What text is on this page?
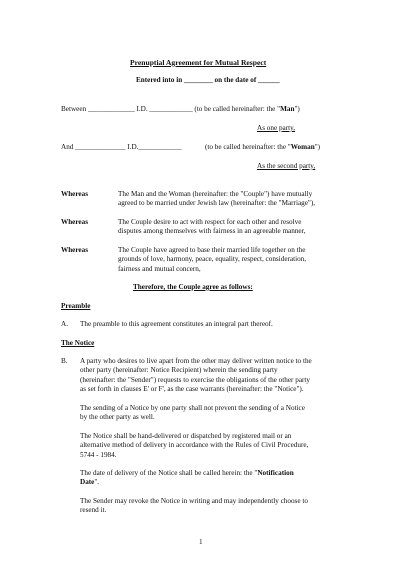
Prenuptial Agreement for Mutual Respect
Entered into in ________ on the date of ______
Between _____________ I.D. ____________ (to be called hereinafter: the "Man")
As one party,
And ______________ I.D.____________	(to be called hereinafter: the "Woman")
As the second party,
Whereas	The Man and the Woman (hereinafter: the "Couple") have mutually
agreed to be married under Jewish law (hereinafter: the "Marriage"),
Whereas	The Couple desire to act with respect for each other and resolve
disputes among themselves with fairness in an agreeable manner,
Whereas	The Couple have agreed to base their married life together on the
grounds of love, harmony, peace, equality, respect, consideration,
fairness and mutual concern,
Therefore, the Couple agree as follows:
Preamble
A. The preamble to this agreement constitutes an integral part thereof.
The Notice
B. A party who desires to live apart from the other may deliver written notice to the
other party (hereinafter: Notice Recipient) wherein the sending party
(hereinafter: the "Sender") requests to exercise the obligations of the other party
as set forth in clauses E' or F', as the case warrants (hereinafter: the "Notice").
The sending of a Notice by one party shall not prevent the sending of a Notice
by the other party as well.
The Notice shall be hand-delivered or dispatched by registered mail or an
alternative method of delivery in accordance with the Rules of Civil Procedure,
5744 - 1984.
The date of delivery of the Notice shall be called herein: the "Notification
Date".
The Sender may revoke the Notice in writing and may independently choose to
resend it.
1
